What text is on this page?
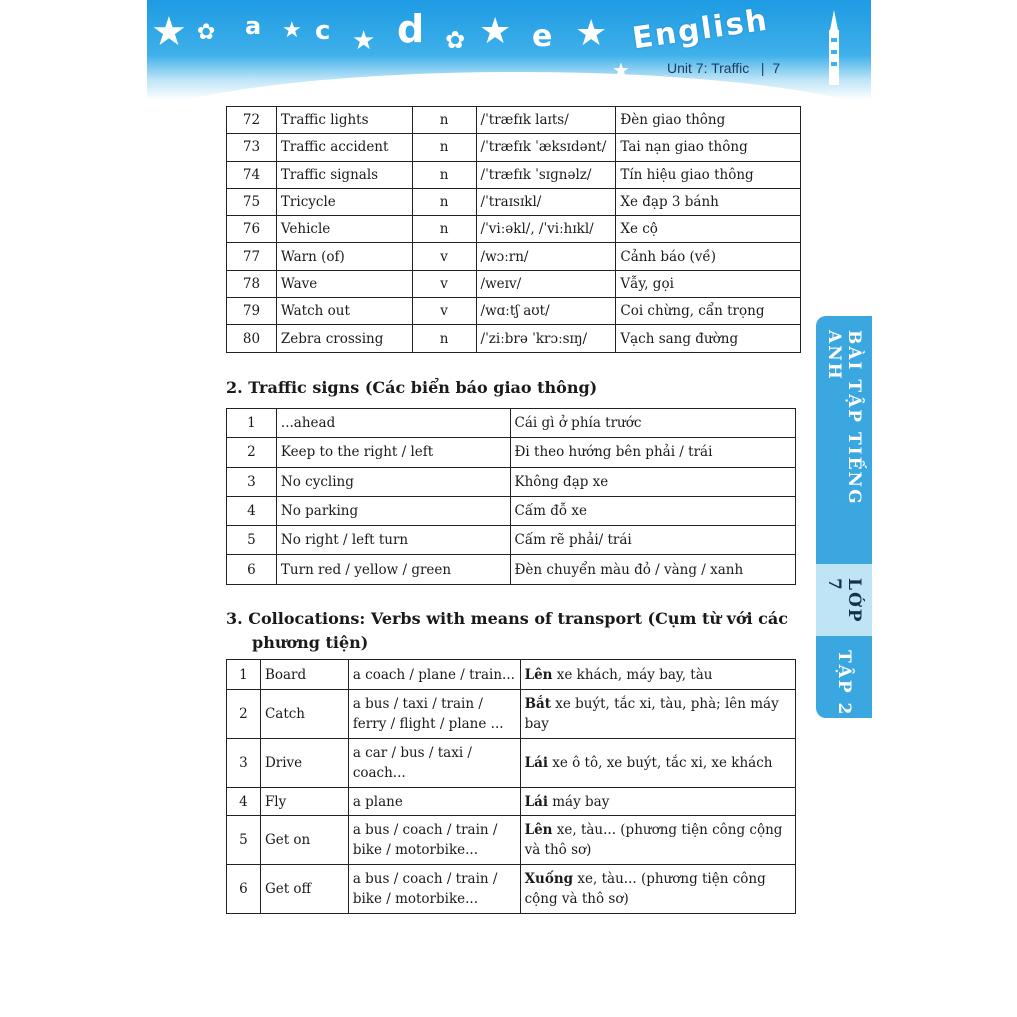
★ ✿ a ★ c ★ d ✿ ★ e ★
★
English
Unit 7: Traffic   |  7
72	Traffic lights	n	/ˈtræfɪk laɪts/	Đèn giao thông
73	Traffic accident	n	/ˈtræfɪk ˈæksɪdənt/	Tai nạn giao thông
74	Traffic signals	n	/ˈtræfɪk ˈsɪɡnəlz/	Tín hiệu giao thông
75	Tricycle	n	/ˈtraɪsɪkl/	Xe đạp 3 bánh
76	Vehicle	n	/ˈviːəkl/, /ˈviːhɪkl/	Xe cộ
77	Warn (of)	v	/wɔːrn/	Cảnh báo (về)
78	Wave	v	/weɪv/	Vẫy, gọi
79	Watch out	v	/wɑːtʃ aʊt/	Coi chừng, cẩn trọng
80	Zebra crossing	n	/ˈziːbrə ˈkrɔːsɪŋ/	Vạch sang đường
2. Traffic signs (Các biển báo giao thông)
1	...ahead	Cái gì ở phía trước
2	Keep to the right / left	Đi theo hướng bên phải / trái
3	No cycling	Không đạp xe
4	No parking	Cấm đỗ xe
5	No right / left turn	Cấm rẽ phải/ trái
6	Turn red / yellow / green	Đèn chuyển màu đỏ / vàng / xanh
3. Collocations: Verbs with means of transport (Cụm từ với các
phương tiện)
1	Board	a coach / plane / train...	Lên xe khách, máy bay, tàu
2	Catch	a bus / taxi / train / ferry / flight / plane ...	Bắt xe buýt, tắc xi, tàu, phà; lên máy bay
3	Drive	a car / bus / taxi / coach...	Lái xe ô tô, xe buýt, tắc xi, xe khách
4	Fly	a plane	Lái máy bay
5	Get on	a bus / coach / train / bike / motorbike...	Lên xe, tàu... (phương tiện công cộng và thô sơ)
6	Get off	a bus / coach / train / bike / motorbike...	Xuống xe, tàu... (phương tiện công cộng và thô sơ)
BÀI TẬP TIẾNG ANH
LỚP 7
TẬP 2
